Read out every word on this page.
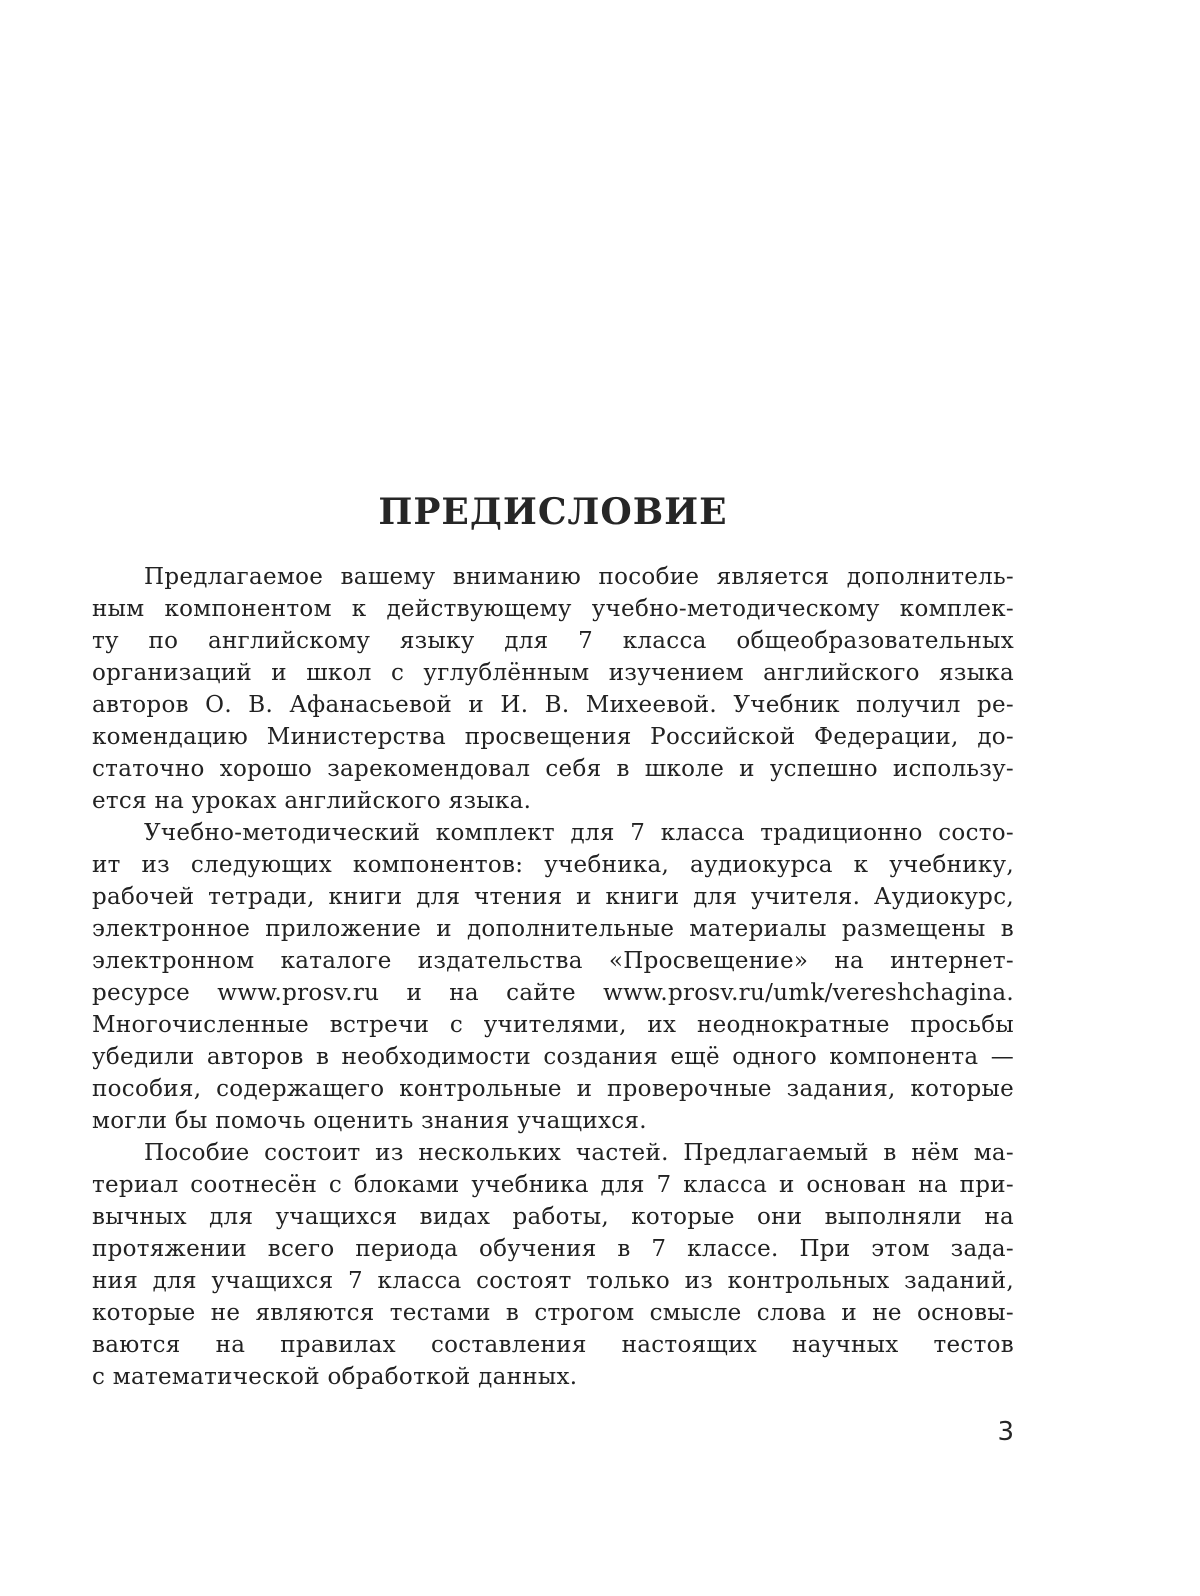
ПРЕДИСЛОВИЕ

Предлагаемое вашему вниманию пособие является дополнитель-
ным компонентом к действующему учебно-методическому комплек-
ту по английскому языку для 7 класса общеобразовательных
организаций и школ с углублённым изучением английского языка
авторов О. В. Афанасьевой и И. В. Михеевой. Учебник получил ре-
комендацию Министерства просвещения Российской Федерации, до-
статочно хорошо зарекомендовал себя в школе и успешно использу-
ется на уроках английского языка.

Учебно-методический комплект для 7 класса традиционно состо-
ит из следующих компонентов: учебника, аудиокурса к учебнику,
рабочей тетради, книги для чтения и книги для учителя. Аудиокурс,
электронное приложение и дополнительные материалы размещены в
электронном каталоге издательства «Просвещение» на интернет-
ресурсе www.prosv.ru и на сайте www.prosv.ru/umk/vereshchagina.
Многочисленные встречи с учителями, их неоднократные просьбы
убедили авторов в необходимости создания ещё одного компонента —
пособия, содержащего контрольные и проверочные задания, которые
могли бы помочь оценить знания учащихся.

Пособие состоит из нескольких частей. Предлагаемый в нём ма-
териал соотнесён с блоками учебника для 7 класса и основан на при-
вычных для учащихся видах работы, которые они выполняли на
протяжении всего периода обучения в 7 классе. При этом зада-
ния для учащихся 7 класса состоят только из контрольных заданий,
которые не являются тестами в строгом смысле слова и не основы-
ваются на правилах составления настоящих научных тестов
с математической обработкой данных.

3
